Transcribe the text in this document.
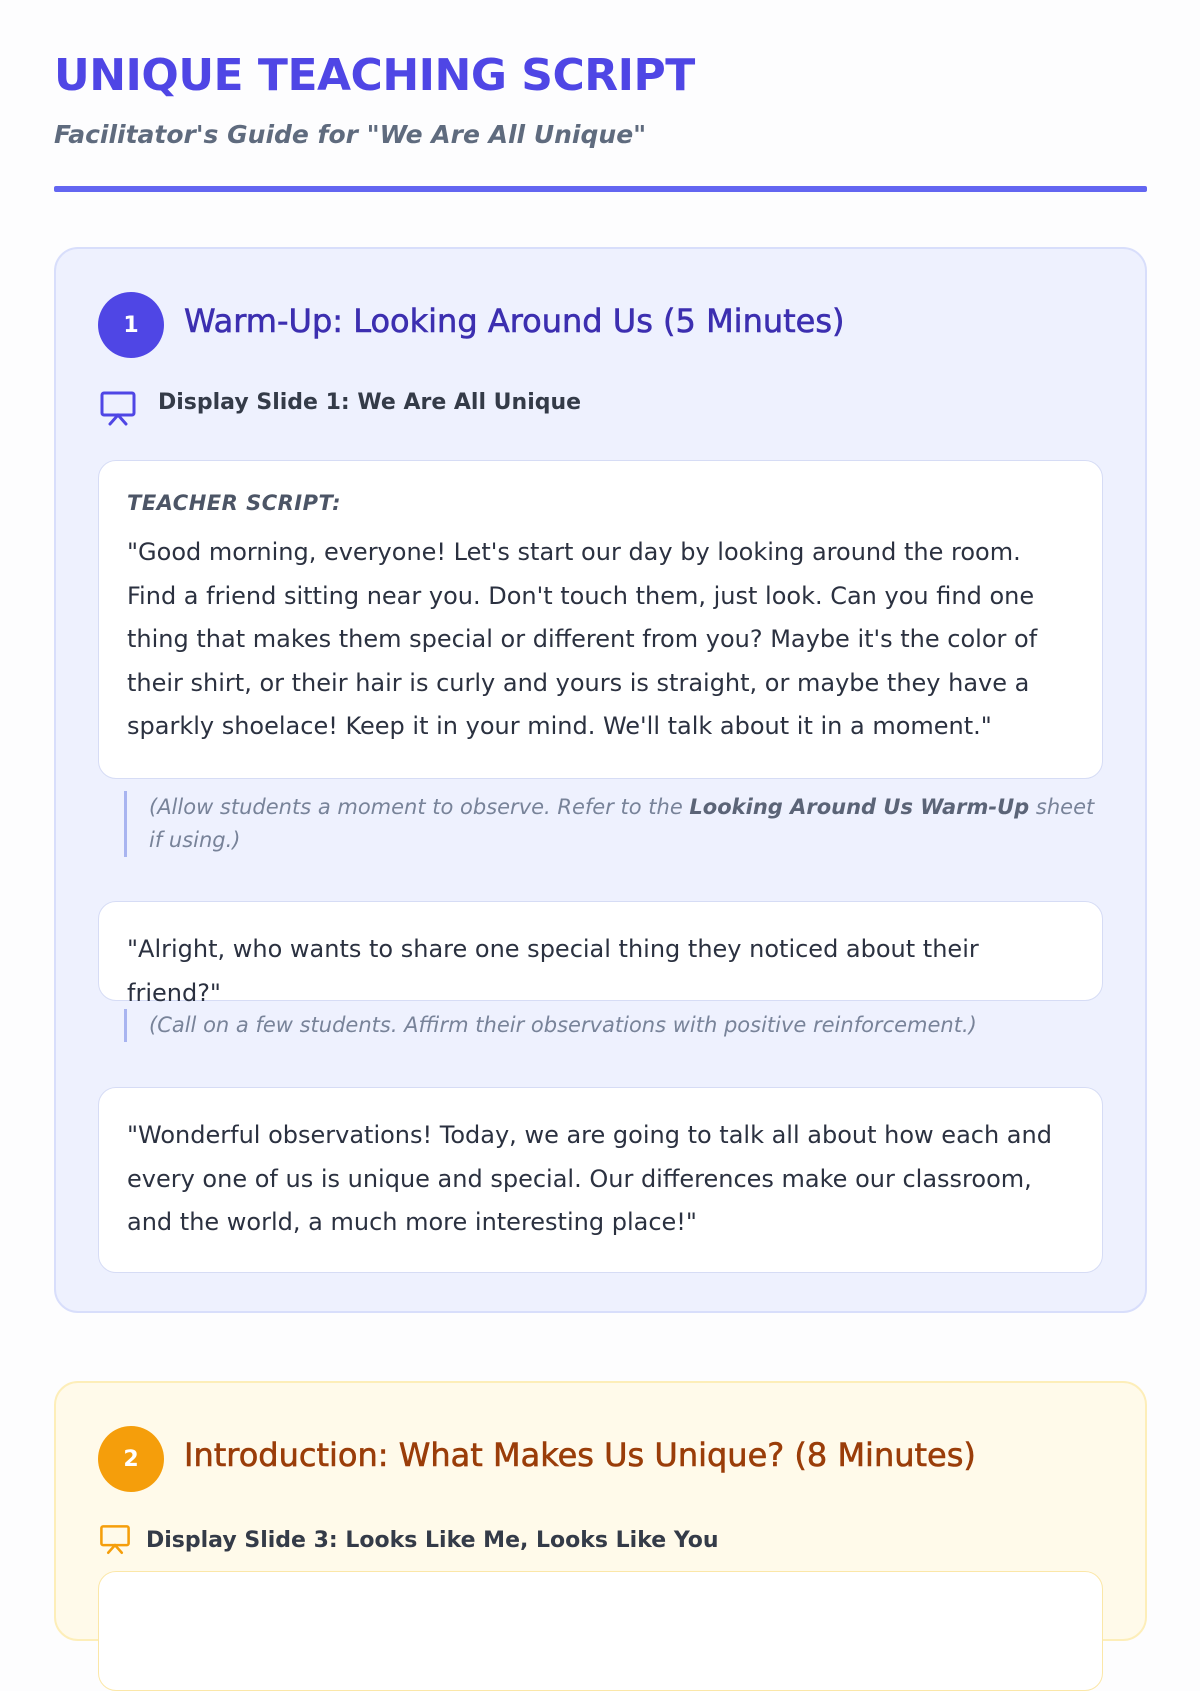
UNIQUE TEACHING SCRIPT
Facilitator's Guide for "We Are All Unique"
1	Warm-Up: Looking Around Us (5 Minutes)
Display Slide 1: We Are All Unique
TEACHER SCRIPT:
"Good morning, everyone! Let's start our day by looking around the room. Find a friend sitting near you. Don't touch them, just look. Can you find one thing that makes them special or different from you? Maybe it's the color of their shirt, or their hair is curly and yours is straight, or maybe they have a sparkly shoelace! Keep it in your mind. We'll talk about it in a moment."
(Allow students a moment to observe. Refer to the Looking Around Us Warm-Up sheet if using.)
"Alright, who wants to share one special thing they noticed about their friend?"
(Call on a few students. Affirm their observations with positive reinforcement.)
"Wonderful observations! Today, we are going to talk all about how each and every one of us is unique and special. Our differences make our classroom, and the world, a much more interesting place!"
2	Introduction: What Makes Us Unique? (8 Minutes)
Display Slide 3: Looks Like Me, Looks Like You
